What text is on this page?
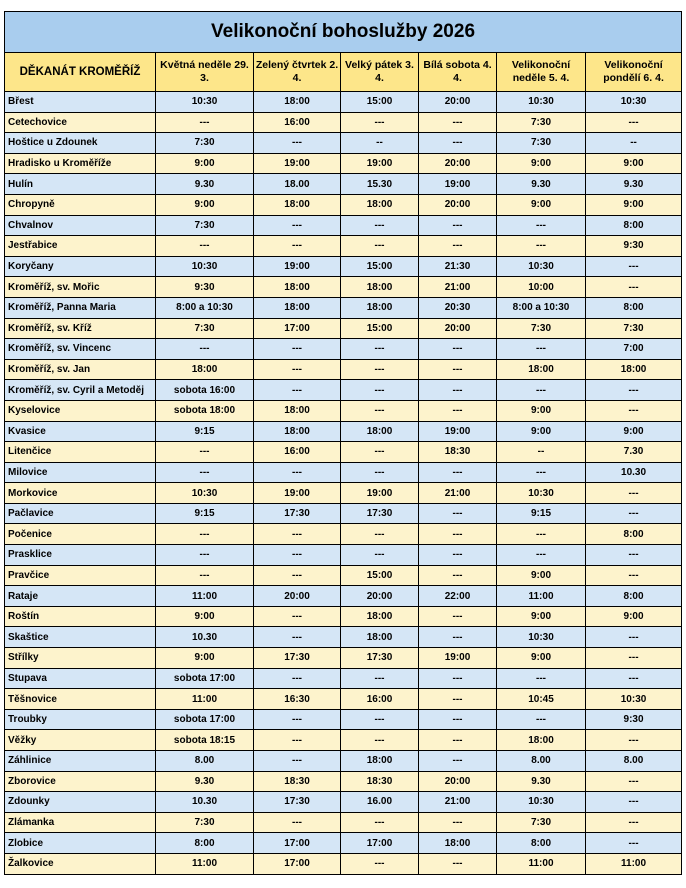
Velikonoční bohoslužby 2026						
DĚKANÁT KROMĚŘÍŽ	Květná neděle 29. 3.	Zelený čtvrtek 2. 4.	Velký pátek 3. 4.	Bílá sobota 4. 4.	Velikonoční neděle 5. 4.	Velikonoční pondělí 6. 4.
Břest	10:30	18:00	15:00	20:00	10:30	10:30
Cetechovice	---	16:00	---	---	7:30	---
Hoštice u Zdounek	7:30	---	--	---	7:30	--
Hradisko u Kroměříže	9:00	19:00	19:00	20:00	9:00	9:00
Hulín	9.30	18.00	15.30	19:00	9.30	9.30
Chropyně	9:00	18:00	18:00	20:00	9:00	9:00
Chvalnov	7:30	---	---	---	---	8:00
Jestřabice	---	---	---	---	---	9:30
Koryčany	10:30	19:00	15:00	21:30	10:30	---
Kroměříž, sv. Mořic	9:30	18:00	18:00	21:00	10:00	---
Kroměříž, Panna Maria	8:00 a 10:30	18:00	18:00	20:30	8:00 a 10:30	8:00
Kroměříž, sv. Kříž	7:30	17:00	15:00	20:00	7:30	7:30
Kroměříž, sv. Vincenc	---	---	---	---	---	7:00
Kroměříž, sv. Jan	18:00	---	---	---	18:00	18:00
Kroměříž, sv. Cyril a Metoděj	sobota 16:00	---	---	---	---	---
Kyselovice	sobota 18:00	18:00	---	---	9:00	---
Kvasice	9:15	18:00	18:00	19:00	9:00	9:00
Litenčice	---	16:00	---	18:30	--	7.30
Milovice	---	---	---	---	---	10.30
Morkovice	10:30	19:00	19:00	21:00	10:30	---
Pačlavice	9:15	17:30	17:30	---	9:15	---
Počenice	---	---	---	---	---	8:00
Prasklice	---	---	---	---	---	---
Pravčice	---	---	15:00	---	9:00	---
Rataje	11:00	20:00	20:00	22:00	11:00	8:00
Roštín	9:00	---	18:00	---	9:00	9:00
Skaštice	10.30	---	18:00	---	10:30	---
Střílky	9:00	17:30	17:30	19:00	9:00	---
Stupava	sobota 17:00	---	---	---	---	---
Těšnovice	11:00	16:30	16:00	---	10:45	10:30
Troubky	sobota 17:00	---	---	---	---	9:30
Věžky	sobota 18:15	---	---	---	18:00	---
Záhlinice	8.00	---	18:00	---	8.00	8.00
Zborovice	9.30	18:30	18:30	20:00	9.30	---
Zdounky	10.30	17:30	16.00	21:00	10:30	---
Zlámanka	7:30	---	---	---	7:30	---
Zlobice	8:00	17:00	17:00	18:00	8:00	---
Žalkovice	11:00	17:00	---	---	11:00	11:00
